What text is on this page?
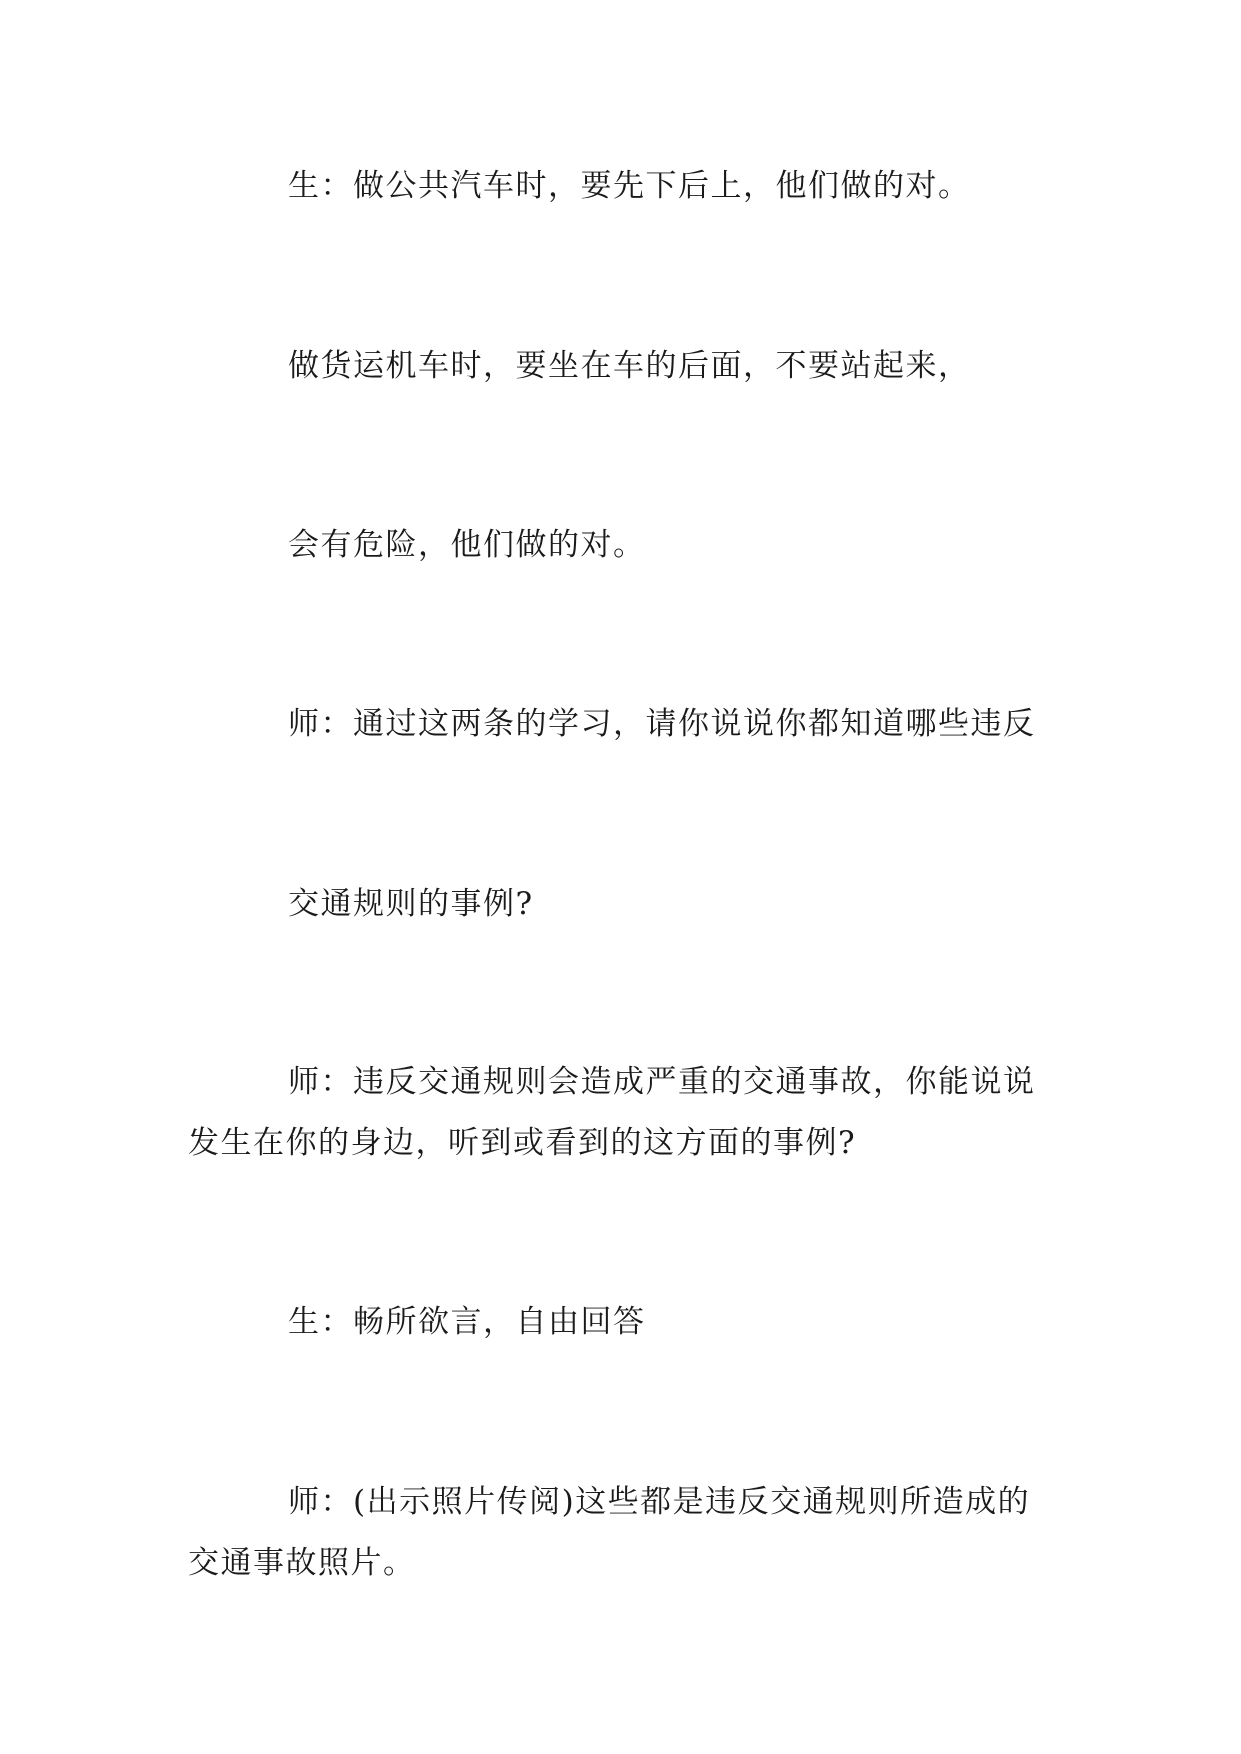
生：做公共汽车时，要先下后上，他们做的对。

做货运机车时，要坐在车的后面，不要站起来，

会有危险，他们做的对。

师：通过这两条的学习，请你说说你都知道哪些违反

交通规则的事例?

师：违反交通规则会造成严重的交通事故，你能说说

发生在你的身边，听到或看到的这方面的事例?

生：畅所欲言，自由回答

师：(出示照片传阅)这些都是违反交通规则所造成的

交通事故照片。
